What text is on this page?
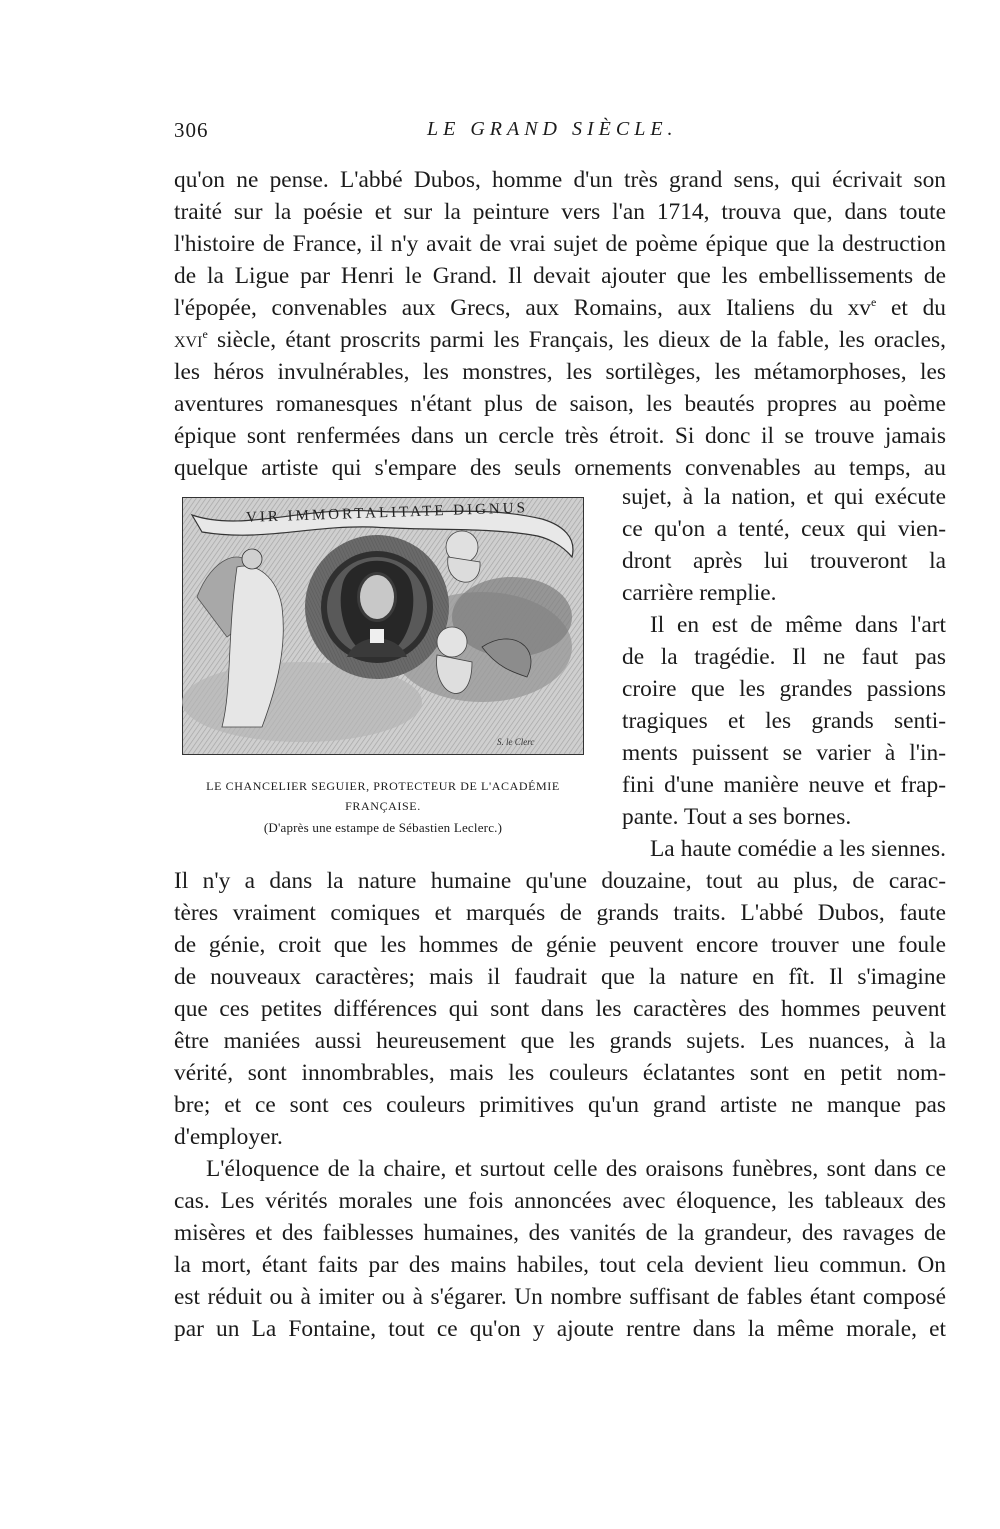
306	LE GRAND SIÈCLE.
qu'on ne pense. L'abbé Dubos, homme d'un très grand sens, qui écrivait son
traité sur la poésie et sur la peinture vers l'an 1714, trouva que, dans toute
l'histoire de France, il n'y avait de vrai sujet de poème épique que la destruction
de la Ligue par Henri le Grand. Il devait ajouter que les embellissements de
l'épopée, convenables aux Grecs, aux Romains, aux Italiens du $xv^e$ et du
xvi$^e$ siècle, étant proscrits parmi les Français, les dieux de la fable, les oracles,
les héros invulnérables, les monstres, les sortilèges, les métamorphoses, les
aventures romanesques n'étant plus de saison, les beautés propres au poème
épique sont renfermées dans un cercle très étroit. Si donc il se trouve jamais
quelque artiste qui s'empare des seuls ornements convenables au temps, au
S. le Clerc
VIR IMMORTALITATE DIGNUS
LE CHANCELIER SEGUIER, PROTECTEUR DE L'ACADÉMIE
FRANÇAISE.
(D'après une estampe de Sébastien Leclerc.)
sujet, à la nation, et qui exécute
ce qu'on a tenté, ceux qui vien-
dront après lui trouveront la
carrière remplie.
Il en est de même dans l'art
de la tragédie. Il ne faut pas
croire que les grandes passions
tragiques et les grands senti-
ments puissent se varier à l'in-
fini d'une manière neuve et frap-
pante. Tout a ses bornes.
La haute comédie a les siennes.
Il n'y a dans la nature humaine qu'une douzaine, tout au plus, de carac-
tères vraiment comiques et marqués de grands traits. L'abbé Dubos, faute
de génie, croit que les hommes de génie peuvent encore trouver une foule
de nouveaux caractères; mais il faudrait que la nature en fît. Il s'imagine
que ces petites différences qui sont dans les caractères des hommes peuvent
être maniées aussi heureusement que les grands sujets. Les nuances, à la
vérité, sont innombrables, mais les couleurs éclatantes sont en petit nom-
bre; et ce sont ces couleurs primitives qu'un grand artiste ne manque pas
d'employer.
L'éloquence de la chaire, et surtout celle des oraisons funèbres, sont dans ce
cas. Les vérités morales une fois annoncées avec éloquence, les tableaux des
misères et des faiblesses humaines, des vanités de la grandeur, des ravages de
la mort, étant faits par des mains habiles, tout cela devient lieu commun. On
est réduit ou à imiter ou à s'égarer. Un nombre suffisant de fables étant composé
par un La Fontaine, tout ce qu'on y ajoute rentre dans la même morale, et
